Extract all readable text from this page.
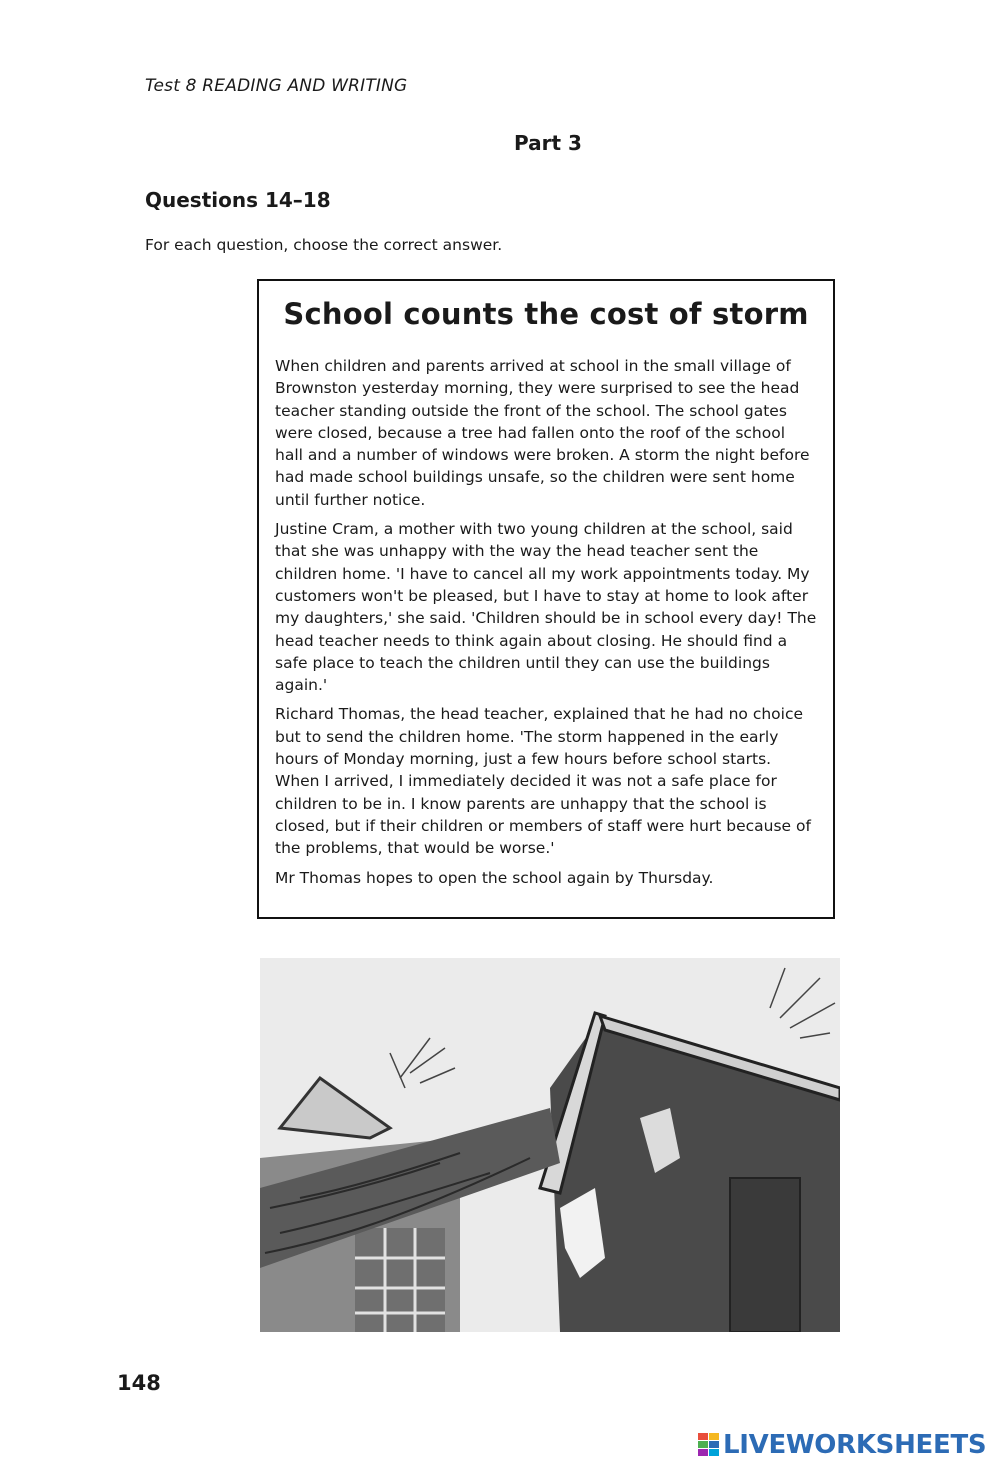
Test 8 READING AND WRITING
Part 3
Questions 14–18
For each question, choose the correct answer.
School counts the cost of storm

When children and parents arrived at school in the small village of Brownston yesterday morning, they were surprised to see the head teacher standing outside the front of the school. The school gates were closed, because a tree had fallen onto the roof of the school hall and a number of windows were broken. A storm the night before had made school buildings unsafe, so the children were sent home until further notice.

Justine Cram, a mother with two young children at the school, said that she was unhappy with the way the head teacher sent the children home. 'I have to cancel all my work appointments today. My customers won't be pleased, but I have to stay at home to look after my daughters,' she said. 'Children should be in school every day! The head teacher needs to think again about closing. He should find a safe place to teach the children until they can use the buildings again.'

Richard Thomas, the head teacher, explained that he had no choice but to send the children home. 'The storm happened in the early hours of Monday morning, just a few hours before school starts. When I arrived, I immediately decided it was not a safe place for children to be in. I know parents are unhappy that the school is closed, but if their children or members of staff were hurt because of the problems, that would be worse.'

Mr Thomas hopes to open the school again by Thursday.

148
LIVEWORKSHEETS
